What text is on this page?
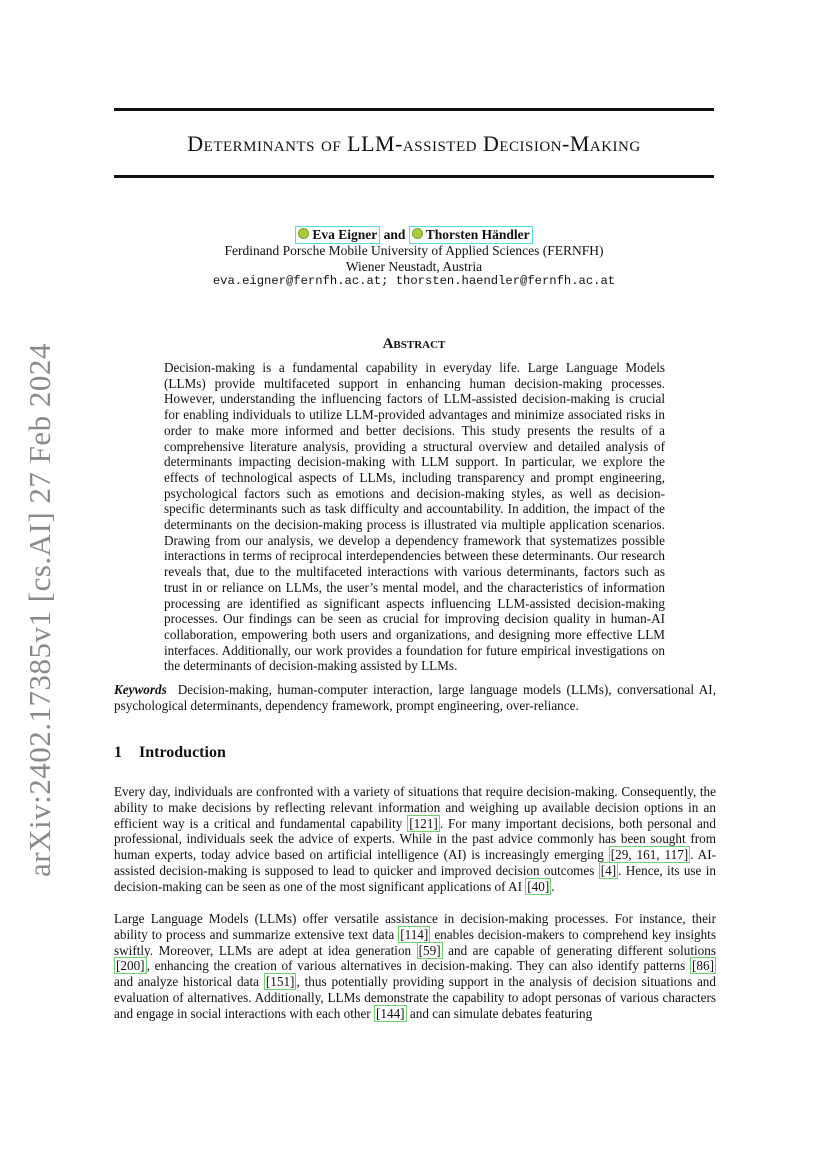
arXiv:2402.17385v1 [cs.AI] 27 Feb 2024
Determinants of LLM-assisted Decision-Making
Eva Eigner and Thorsten Händler
Ferdinand Porsche Mobile University of Applied Sciences (FERNFH)
Wiener Neustadt, Austria
eva.eigner@fernfh.ac.at; thorsten.haendler@fernfh.ac.at
Abstract

Decision-making is a fundamental capability in everyday life. Large Language Models (LLMs) provide multifaceted support in enhancing human decision-making processes. However, understanding the influencing factors of LLM-assisted decision-making is crucial for enabling individuals to utilize LLM-provided advantages and minimize associated risks in order to make more informed and better decisions. This study presents the results of a comprehensive literature analysis, providing a structural overview and detailed analysis of determinants impacting decision-making with LLM support. In particular, we explore the effects of technological aspects of LLMs, including transparency and prompt engineering, psychological factors such as emotions and decision-making styles, as well as decision-specific determinants such as task difficulty and accountability. In addition, the impact of the determinants on the decision-making process is illustrated via multiple application scenarios. Drawing from our analysis, we develop a dependency framework that systematizes possible interactions in terms of reciprocal interdependencies between these determinants. Our research reveals that, due to the multifaceted interactions with various determinants, factors such as trust in or reliance on LLMs, the user’s mental model, and the characteristics of information processing are identified as significant aspects influencing LLM-assisted decision-making processes. Our findings can be seen as crucial for improving decision quality in human-AI collaboration, empowering both users and organizations, and designing more effective LLM interfaces. Additionally, our work provides a foundation for future empirical investigations on the determinants of decision-making assisted by LLMs.

Keywords Decision-making, human-computer interaction, large language models (LLMs), conversational AI, psychological determinants, dependency framework, prompt engineering, over-reliance.

1 Introduction

Every day, individuals are confronted with a variety of situations that require decision-making. Consequently, the ability to make decisions by reflecting relevant information and weighing up available decision options in an efficient way is a critical and fundamental capability [121] . For many important decisions, both personal and professional, individuals seek the advice of experts. While in the past advice commonly has been sought from human experts, today advice based on artificial intelligence (AI) is increasingly emerging [29, 161, 117] . AI-assisted decision-making is supposed to lead to quicker and improved decision outcomes [4] . Hence, its use in decision-making can be seen as one of the most significant applications of AI [40] .

Large Language Models (LLMs) offer versatile assistance in decision-making processes. For instance, their ability to process and summarize extensive text data [114] enables decision-makers to comprehend key insights swiftly. Moreover, LLMs are adept at idea generation [59] and are capable of generating different solutions [200] , enhancing the creation of various alternatives in decision-making. They can also identify patterns [86] and analyze historical data [151] , thus potentially providing support in the analysis of decision situations and evaluation of alternatives. Additionally, LLMs demonstrate the capability to adopt personas of various characters and engage in social interactions with each other [144] and can simulate debates featuring
